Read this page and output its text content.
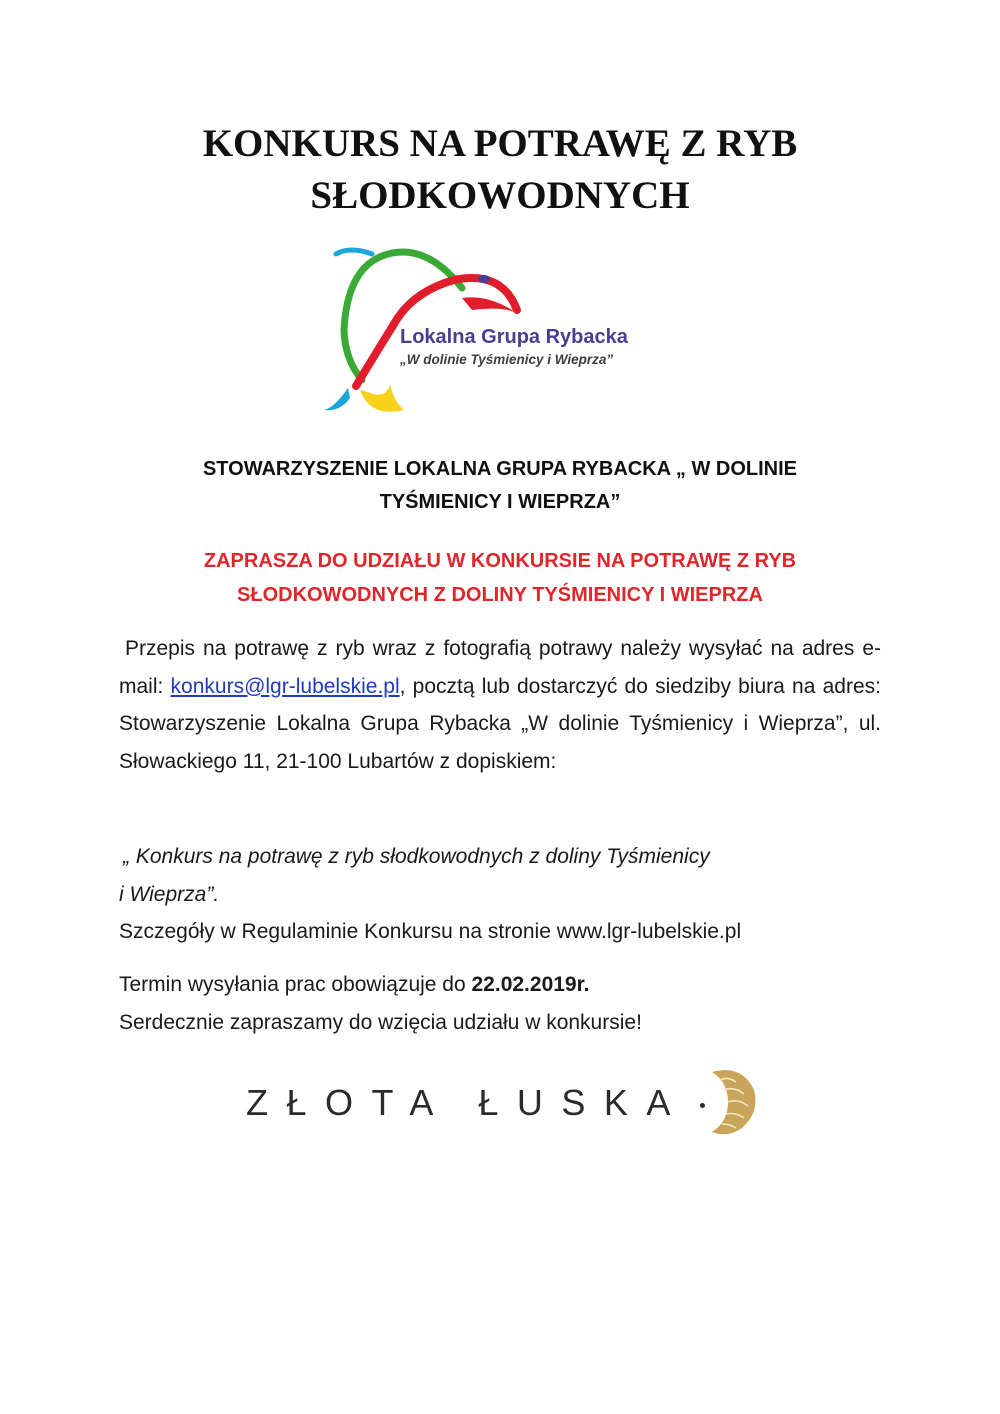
KONKURS NA POTRAWĘ Z RYB
SŁODKOWODNYCH
Lokalna Grupa Rybacka
„W dolinie Tyśmienicy i Wieprza”
STOWARZYSZENIE LOKALNA GRUPA RYBACKA „ W DOLINIE
TYŚMIENICY I WIEPRZA”
ZAPRASZA DO UDZIAŁU W KONKURSIE NA POTRAWĘ Z RYB
SŁODKOWODNYCH Z DOLINY TYŚMIENICY I WIEPRZA
Przepis na potrawę z ryb wraz z fotografią potrawy należy wysyłać na adres e-mail: konkurs@lgr-lubelskie.pl, pocztą lub dostarczyć do siedziby biura na adres: Stowarzyszenie Lokalna Grupa Rybacka „W dolinie Tyśmienicy i Wieprza”, ul. Słowackiego 11, 21-100 Lubartów z dopiskiem:
„ Konkurs na potrawę z ryb słodkowodnych z doliny Tyśmienicy
i Wieprza”.
Szczegóły w Regulaminie Konkursu na stronie www.lgr-lubelskie.pl
Termin wysyłania prac obowiązuje do 22.02.2019r.
Serdecznie zapraszamy do wzięcia udziału w konkursie!
ZŁOTA ŁUSKA
